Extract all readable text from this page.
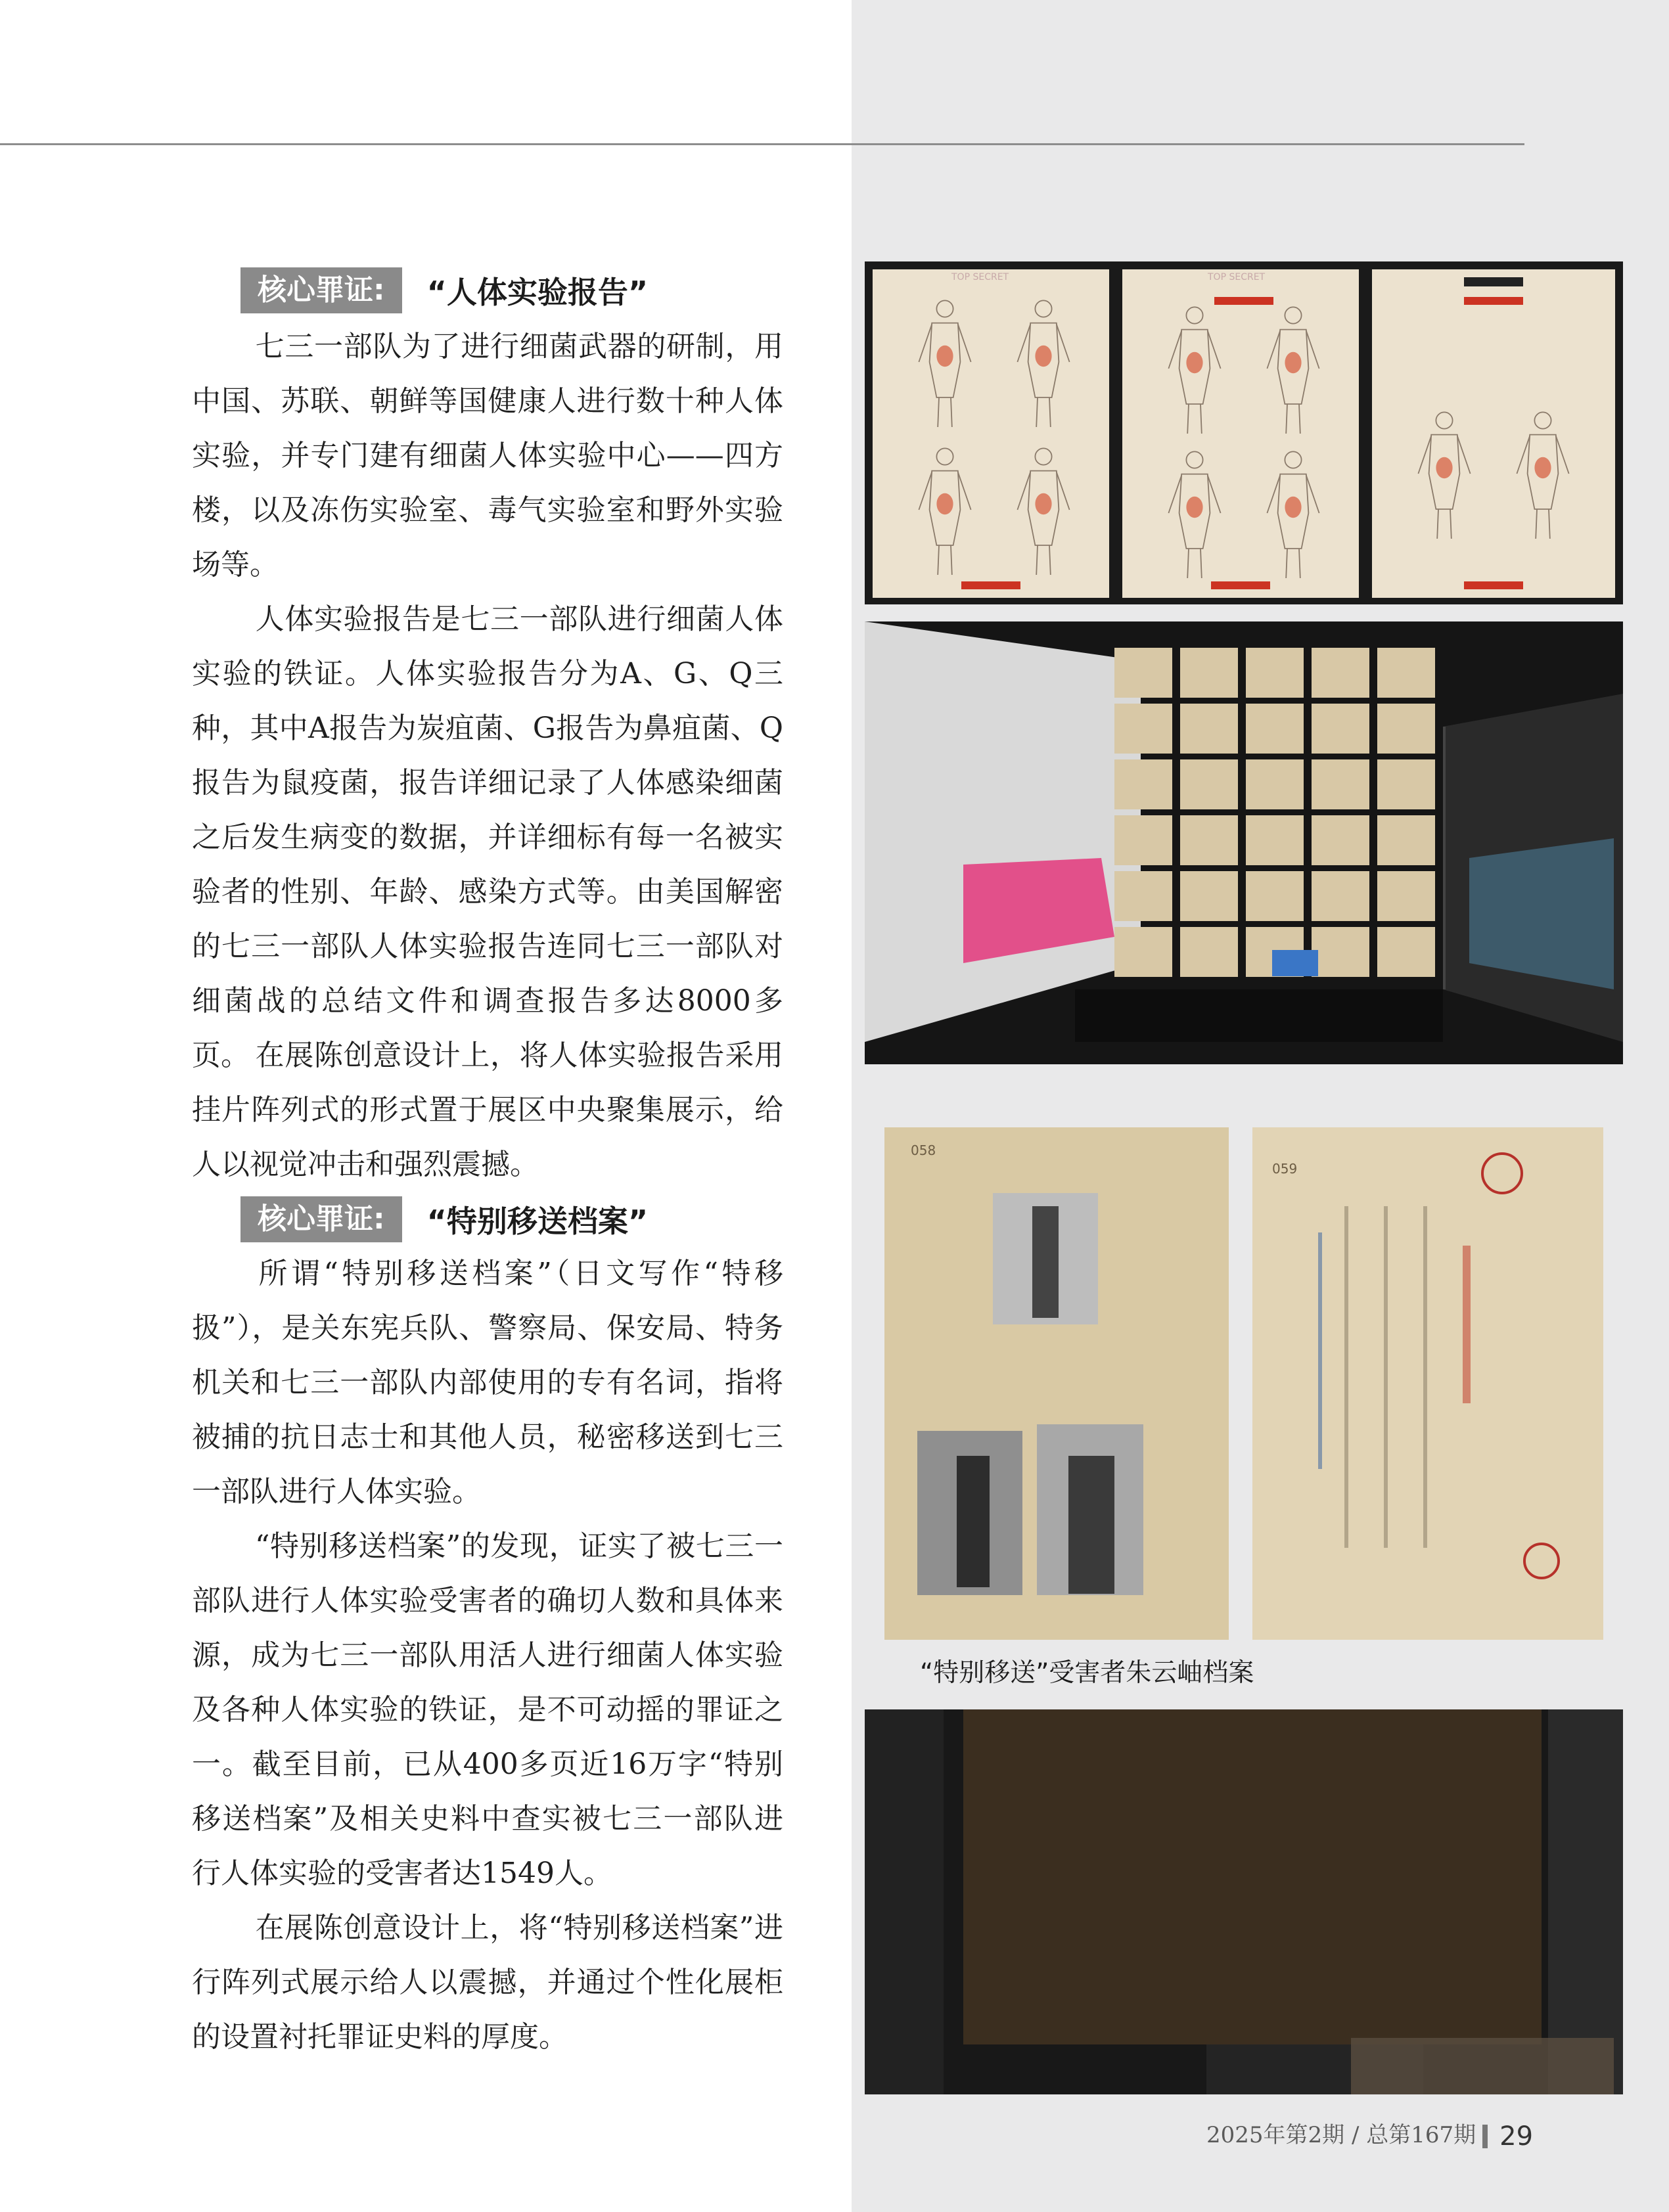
核心罪证:	“人体实验报告”

七三一部队为了进行细菌武器的研制，用中国、苏联、朝鲜等国健康人进行数十种人体实验，并专门建有细菌人体实验中心——四方楼，以及冻伤实验室、毒气实验室和野外实验场等。

人体实验报告是七三一部队进行细菌人体实验的铁证。人体实验报告分为A、G、Q三种，其中A报告为炭疽菌、G报告为鼻疽菌、Q报告为鼠疫菌，报告详细记录了人体感染细菌之后发生病变的数据，并详细标有每一名被实验者的性别、年龄、感染方式等。由美国解密的七三一部队人体实验报告连同七三一部队对细菌战的总结文件和调查报告多达8000多页。 在展陈创意设计上，将人体实验报告采用挂片阵列式的形式置于展区中央聚集展示，给人以视觉冲击和强烈震撼。

核心罪证:	“特别移送档案”

所谓“特别移送档案”（日文写作“特移扱”），是关东宪兵队、警察局、保安局、特务机关和七三一部队内部使用的专有名词，指将被捕的抗日志士和其他人员，秘密移送到七三一部队进行人体实验。

“特别移送档案”的发现，证实了被七三一部队进行人体实验受害者的确切人数和具体来源，成为七三一部队用活人进行细菌人体实验及各种人体实验的铁证，是不可动摇的罪证之一。截至目前，已从400多页近16万字“特别移送档案”及相关史料中查实被七三一部队进行人体实验的受害者达1549人。

在展陈创意设计上，将“特别移送档案”进行阵列式展示给人以震撼，并通过个性化展柜的设置衬托罪证史料的厚度。

TOP SECRET	TOP SECRET
058
059
“特别移送”受害者朱云岫档案
2025年第2期 / 总第167期 29
